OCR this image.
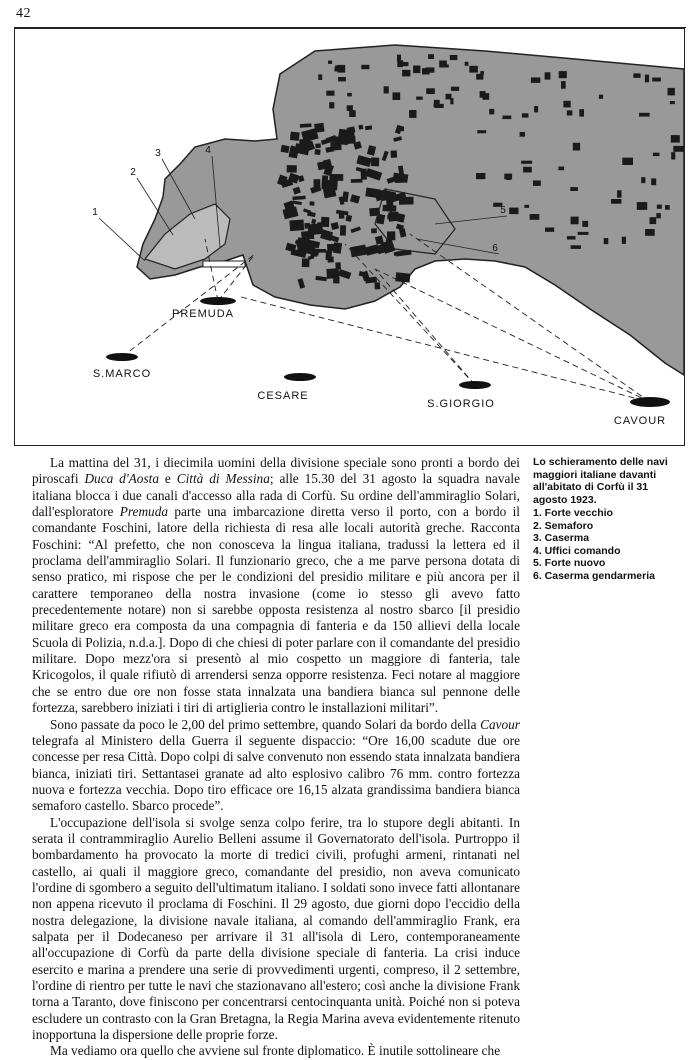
42
PREMUDA
S.MARCO
CESARE
S.GIORGIO
CAVOUR
1
2
3	4
5
6

La mattina del 31, i diecimila uomini della divisione speciale sono pronti a bordo dei piroscafi Duca d'Aosta e Città di Messina; alle 15.30 del 31 agosto la squadra navale italiana blocca i due canali d'accesso alla rada di Corfù. Su ordine dell'ammiraglio Solari, dall'esploratore Premuda parte una imbarcazione diretta verso il porto, con a bordo il comandante Foschini, latore della richiesta di resa alle locali autorità greche. Racconta Foschini: “Al prefetto, che non conosceva la lingua italiana, tradussi la lettera ed il proclama dell'ammiraglio Solari. Il funzionario greco, che a me parve persona dotata di senso pratico, mi rispose che per le condizioni del presidio militare e più ancora per il carattere temporaneo della nostra invasione (come io stesso gli avevo fatto precedentemente notare) non si sarebbe opposta resistenza al nostro sbarco [il presidio militare greco era composta da una compagnia di fanteria e da 150 allievi della locale Scuola di Polizia, n.d.a.]. Dopo di che chiesi di poter parlare con il comandante del presidio militare. Dopo mezz'ora si presentò al mio cospetto un maggiore di fanteria, tale Kricogolos, il quale rifiutò di arrendersi senza opporre resistenza. Feci notare al maggiore che se entro due ore non fosse stata innalzata una bandiera bianca sul pennone delle fortezza, sarebbero iniziati i tiri di artiglieria contro le installazioni militari”.

Sono passate da poco le 2,00 del primo settembre, quando Solari da bordo della Cavour telegrafa al Ministero della Guerra il seguente dispaccio: “Ore 16,00 scadute due ore concesse per resa Città. Dopo colpi di salve convenuto non essendo stata innalzata bandiera bianca, iniziati tiri. Settantasei granate ad alto esplosivo calibro 76 mm. contro fortezza nuova e fortezza vecchia. Dopo tiro efficace ore 16,15 alzata grandissima bandiera bianca semaforo castello. Sbarco procede”.

L'occupazione dell'isola si svolge senza colpo ferire, tra lo stupore degli abitanti. In serata il contrammiraglio Aurelio Belleni assume il Governatorato dell'isola. Purtroppo il bombardamento ha provocato la morte di tredici civili, profughi armeni, rintanati nel castello, ai quali il maggiore greco, comandante del presidio, non aveva comunicato l'ordine di sgombero a seguito dell'ultimatum italiano. I soldati sono invece fatti allontanare non appena ricevuto il proclama di Foschini. Il 29 agosto, due giorni dopo l'eccidio della nostra delegazione, la divisione navale italiana, al comando dell'ammiraglio Frank, era salpata per il Dodecaneso per arrivare il 31 all'isola di Lero, contemporaneamente all'occupazione di Corfù da parte della divisione speciale di fanteria. La crisi induce esercito e marina a prendere una serie di provvedimenti urgenti, compreso, il 2 settembre, l'ordine di rientro per tutte le navi che stazionavano all'estero; così anche la divisione Frank torna a Taranto, dove finiscono per concentrarsi centocinquanta unità. Poiché non si poteva escludere un contrasto con la Gran Bretagna, la Regia Marina aveva evidentemente ritenuto inopportuna la dispersione delle proprie forze.

Ma vediamo ora quello che avviene sul fronte diplomatico. È inutile sottolineare che

Lo schieramento delle navi maggiori italiane davanti all'abitato di Corfù il 31 agosto 1923.
1. Forte vecchio
2. Semaforo
3. Caserma
4. Uffici comando
5. Forte nuovo
6. Caserma gendarmeria
